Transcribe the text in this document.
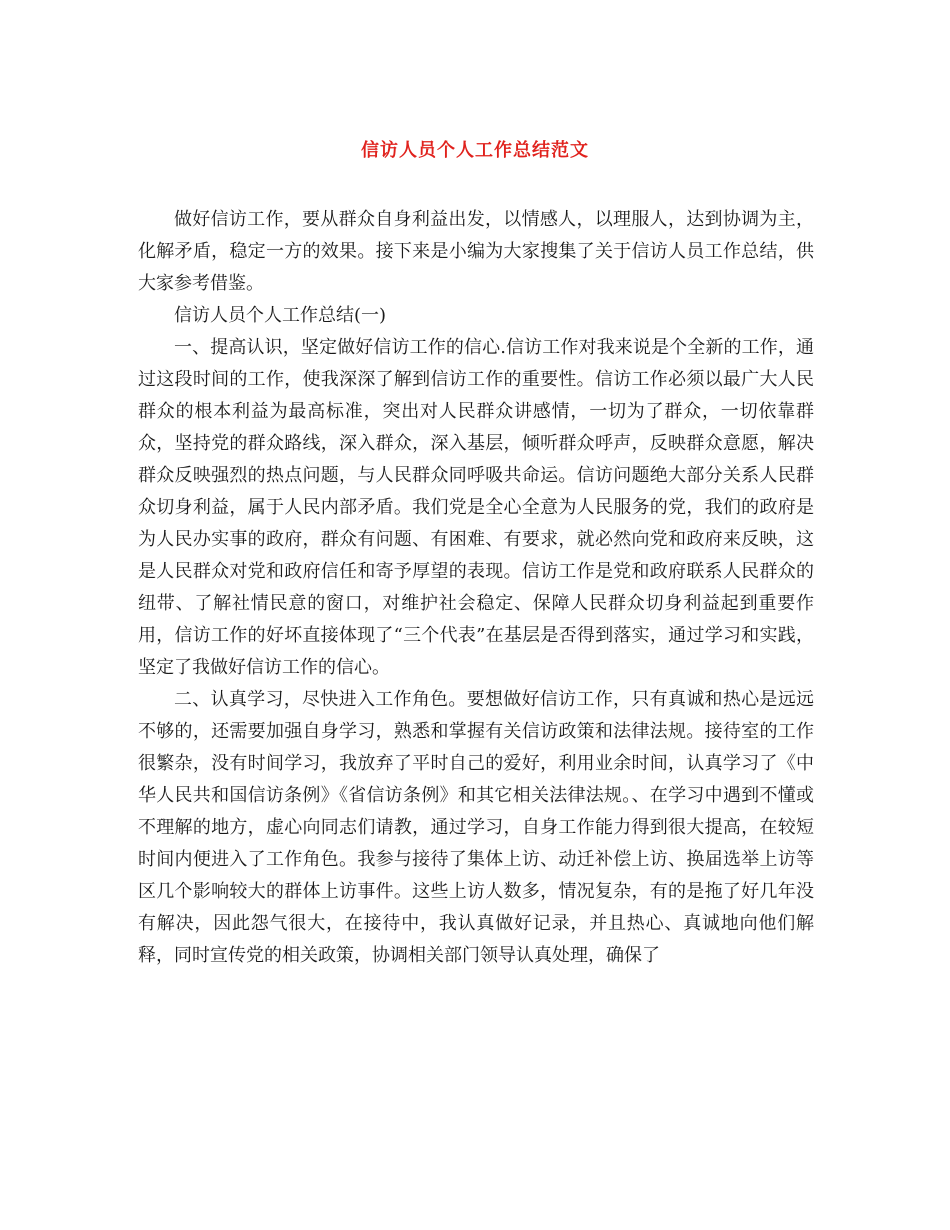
信访人员个人工作总结范文

做好信访工作，要从群众自身利益出发，以情感人，以理服人，达到协调为主，化解矛盾，稳定一方的效果。接下来是小编为大家搜集了关于信访人员工作总结，供大家参考借鉴。

信访人员个人工作总结(一)

一、提高认识，坚定做好信访工作的信心.信访工作对我来说是个全新的工作，通过这段时间的工作，使我深深了解到信访工作的重要性。信访工作必须以最广大人民群众的根本利益为最高标准，突出对人民群众讲感情，一切为了群众，一切依靠群众，坚持党的群众路线，深入群众，深入基层，倾听群众呼声，反映群众意愿，解决群众反映强烈的热点问题，与人民群众同呼吸共命运。信访问题绝大部分关系人民群众切身利益，属于人民内部矛盾。我们党是全心全意为人民服务的党，我们的政府是为人民办实事的政府，群众有问题、有困难、有要求，就必然向党和政府来反映，这是人民群众对党和政府信任和寄予厚望的表现。信访工作是党和政府联系人民群众的纽带、了解社情民意的窗口，对维护社会稳定、保障人民群众切身利益起到重要作用，信访工作的好坏直接体现了“三个代表”在基层是否得到落实，通过学习和实践，坚定了我做好信访工作的信心。

二、认真学习，尽快进入工作角色。要想做好信访工作，只有真诚和热心是远远不够的，还需要加强自身学习，熟悉和掌握有关信访政策和法律法规。接待室的工作很繁杂，没有时间学习，我放弃了平时自己的爱好，利用业余时间，认真学习了《中华人民共和国信访条例》《省信访条例》和其它相关法律法规。、在学习中遇到不懂或不理解的地方，虚心向同志们请教，通过学习，自身工作能力得到很大提高，在较短时间内便进入了工作角色。我参与接待了集体上访、动迁补偿上访、换届选举上访等区几个影响较大的群体上访事件。这些上访人数多，情况复杂，有的是拖了好几年没有解决，因此怨气很大，在接待中，我认真做好记录，并且热心、真诚地向他们解释，同时宣传党的相关政策，协调相关部门领导认真处理，确保了
